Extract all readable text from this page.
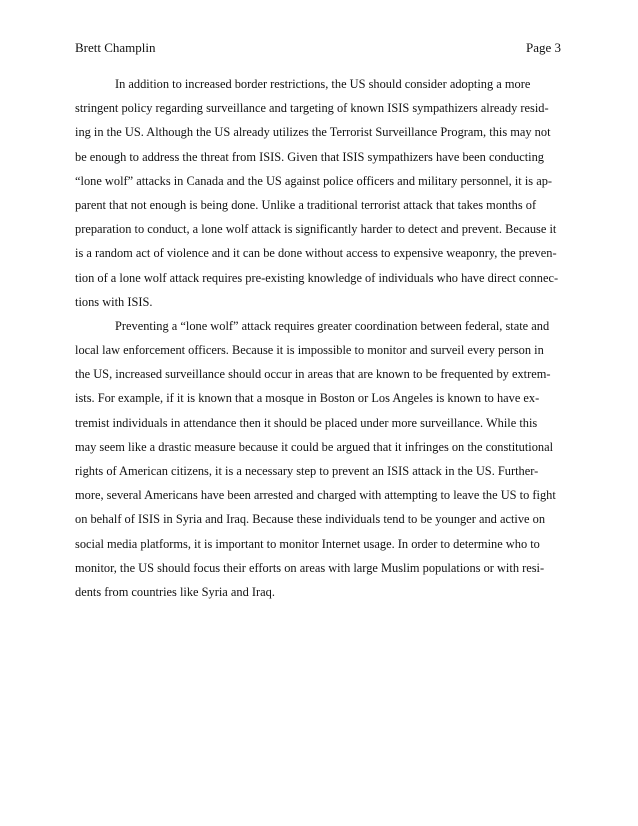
Brett Champlin	Page 3
In addition to increased border restrictions, the US should consider adopting a more
stringent policy regarding surveillance and targeting of known ISIS sympathizers already resid-
ing in the US. Although the US already utilizes the Terrorist Surveillance Program, this may not
be enough to address the threat from ISIS. Given that ISIS sympathizers have been conducting
“lone wolf” attacks in Canada and the US against police officers and military personnel, it is ap-
parent that not enough is being done. Unlike a traditional terrorist attack that takes months of
preparation to conduct, a lone wolf attack is significantly harder to detect and prevent. Because it
is a random act of violence and it can be done without access to expensive weaponry, the preven-
tion of a lone wolf attack requires pre-existing knowledge of individuals who have direct connec-
tions with ISIS.
Preventing a “lone wolf” attack requires greater coordination between federal, state and
local law enforcement officers. Because it is impossible to monitor and surveil every person in
the US, increased surveillance should occur in areas that are known to be frequented by extrem-
ists. For example, if it is known that a mosque in Boston or Los Angeles is known to have ex-
tremist individuals in attendance then it should be placed under more surveillance. While this
may seem like a drastic measure because it could be argued that it infringes on the constitutional
rights of American citizens, it is a necessary step to prevent an ISIS attack in the US. Further-
more, several Americans have been arrested and charged with attempting to leave the US to fight
on behalf of ISIS in Syria and Iraq. Because these individuals tend to be younger and active on
social media platforms, it is important to monitor Internet usage. In order to determine who to
monitor, the US should focus their efforts on areas with large Muslim populations or with resi-
dents from countries like Syria and Iraq.
